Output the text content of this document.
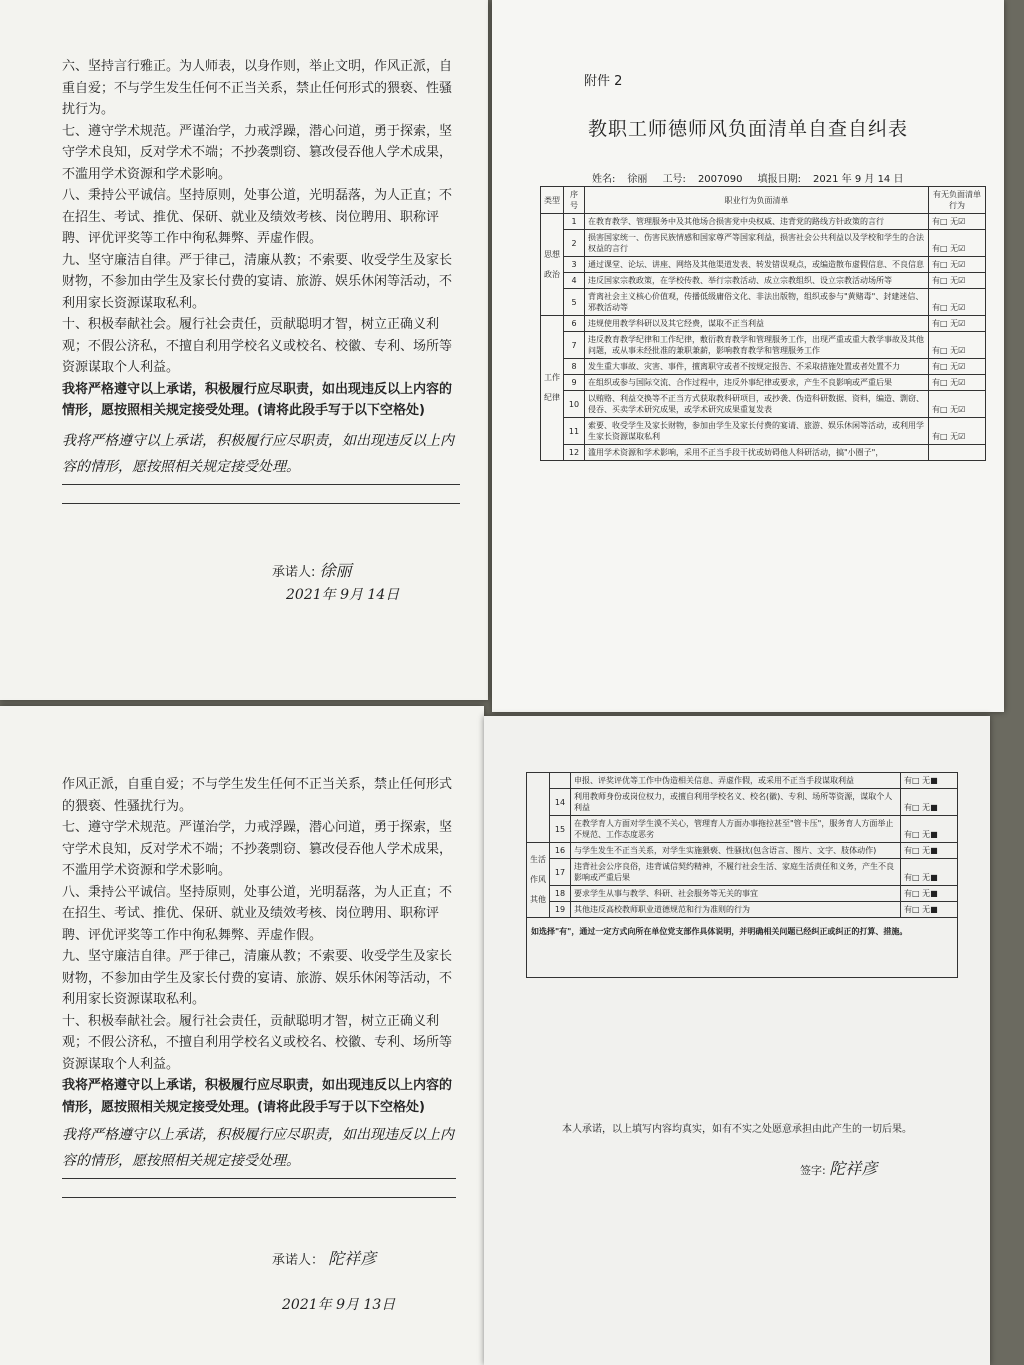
六、坚持言行雅正。为人师表，以身作则，举止文明，作风正派，自重自爱；不与学生发生任何不正当关系，禁止任何形式的猥亵、性骚扰行为。

七、遵守学术规范。严谨治学，力戒浮躁，潜心问道，勇于探索，坚守学术良知，反对学术不端；不抄袭剽窃、篡改侵吞他人学术成果，不滥用学术资源和学术影响。

八、秉持公平诚信。坚持原则，处事公道，光明磊落，为人正直；不在招生、考试、推优、保研、就业及绩效考核、岗位聘用、职称评聘、评优评奖等工作中徇私舞弊、弄虚作假。

九、坚守廉洁自律。严于律己，清廉从教；不索要、收受学生及家长财物，不参加由学生及家长付费的宴请、旅游、娱乐休闲等活动，不利用家长资源谋取私利。

十、积极奉献社会。履行社会责任，贡献聪明才智，树立正确义利观；不假公济私，不擅自利用学校名义或校名、校徽、专利、场所等资源谋取个人利益。

我将严格遵守以上承诺，积极履行应尽职责，如出现违反以上内容的情形，愿按照相关规定接受处理。(请将此段手写于以下空格处)

我将严格遵守以上承诺，积极履行应尽职责，如出现违反以上内容的情形，愿按照相关规定接受处理。
承诺人: 徐丽
2021年 9月 14日
附件 2
教职工师德师风负面清单自查自纠表
姓名: 徐丽 工号: 2007090 填报日期: 2021 年 9 月 14 日
类型	序号	职业行为负面清单	有无负面清单行为
思想政治	1	在教育教学、管理服务中及其他场合损害党中央权威、违背党的路线方针政策的言行	有□ 无☑
	2	损害国家统一、伤害民族情感和国家尊严等国家利益，损害社会公共利益以及学校和学生的合法权益的言行	有□ 无☑
	3	通过课堂、论坛、讲座、网络及其他渠道发表、转发错误观点，或编造散布虚假信息、不良信息	有□ 无☑
	4	违反国家宗教政策，在学校传教、举行宗教活动、成立宗教组织、设立宗教活动场所等	有□ 无☑
	5	背离社会主义核心价值观，传播低级庸俗文化、非法出版物，组织或参与"黄赌毒"、封建迷信、邪教活动等	有□ 无☑
工作纪律	6	违规使用教学科研以及其它经费，谋取不正当利益	有□ 无☑
	7	违反教育教学纪律和工作纪律，敷衍教育教学和管理服务工作，出现严重或重大教学事故及其他问题，或从事未经批准的兼职兼薪，影响教育教学和管理服务工作	有□ 无☑
	8	发生重大事故、灾害、事件，擅离职守或者不按规定报告、不采取措施处置或者处置不力	有□ 无☑
	9	在组织或参与国际交流、合作过程中，违反外事纪律或要求，产生不良影响或严重后果	有□ 无☑
	10	以贿赂、利益交换等不正当方式获取教科研项目，或抄袭、伪造科研数据、资料，编造、剽窃、侵吞、买卖学术研究成果，或学术研究成果重复发表	有□ 无☑
	11	索要、收受学生及家长财物，参加由学生及家长付费的宴请、旅游、娱乐休闲等活动，或利用学生家长资源谋取私利	有□ 无☑
	12	滥用学术资源和学术影响，采用不正当手段干扰或妨碍他人科研活动，搞"小圈子"，	

作风正派，自重自爱；不与学生发生任何不正当关系，禁止任何形式的猥亵、性骚扰行为。

七、遵守学术规范。严谨治学，力戒浮躁，潜心问道，勇于探索，坚守学术良知，反对学术不端；不抄袭剽窃、篡改侵吞他人学术成果，不滥用学术资源和学术影响。

八、秉持公平诚信。坚持原则，处事公道，光明磊落，为人正直；不在招生、考试、推优、保研、就业及绩效考核、岗位聘用、职称评聘、评优评奖等工作中徇私舞弊、弄虚作假。

九、坚守廉洁自律。严于律己，清廉从教；不索要、收受学生及家长财物，不参加由学生及家长付费的宴请、旅游、娱乐休闲等活动，不利用家长资源谋取私利。

十、积极奉献社会。履行社会责任，贡献聪明才智，树立正确义利观；不假公济私，不擅自利用学校名义或校名、校徽、专利、场所等资源谋取个人利益。

我将严格遵守以上承诺，积极履行应尽职责，如出现违反以上内容的情形，愿按照相关规定接受处理。(请将此段手写于以下空格处)

我将严格遵守以上承诺，积极履行应尽职责，如出现违反以上内容的情形，愿按照相关规定接受处理。
承诺人： 陀祥彦
2021年 9月 13日
		申报、评奖评优等工作中伪造相关信息、弄虚作假，或采用不正当手段谋取利益	有□ 无■
	14	利用教师身份或岗位权力，或擅自利用学校名义、校名(徽)、专利、场所等资源，谋取个人利益	有□ 无■
	15	在教学育人方面对学生漠不关心，管理育人方面办事拖拉甚至"管卡压"，服务育人方面举止不规范、工作态度恶劣	有□ 无■
生活作风其他	16	与学生发生不正当关系，对学生实施猥亵、性骚扰(包含语言、图片、文字、肢体动作)	有□ 无■
	17	违背社会公序良俗，违背诚信契约精神，不履行社会生活、家庭生活责任和义务，产生不良影响或严重后果	有□ 无■
	18	要求学生从事与教学、科研、社会服务等无关的事宜	有□ 无■
	19	其他违反高校教师职业道德规范和行为准则的行为	有□ 无■
如选择"有"，通过一定方式向所在单位党支部作具体说明，并明确相关问题已经纠正或纠正的打算、措施。			
本人承诺，以上填写内容均真实，如有不实之处愿意承担由此产生的一切后果。
签字: 陀祥彦
